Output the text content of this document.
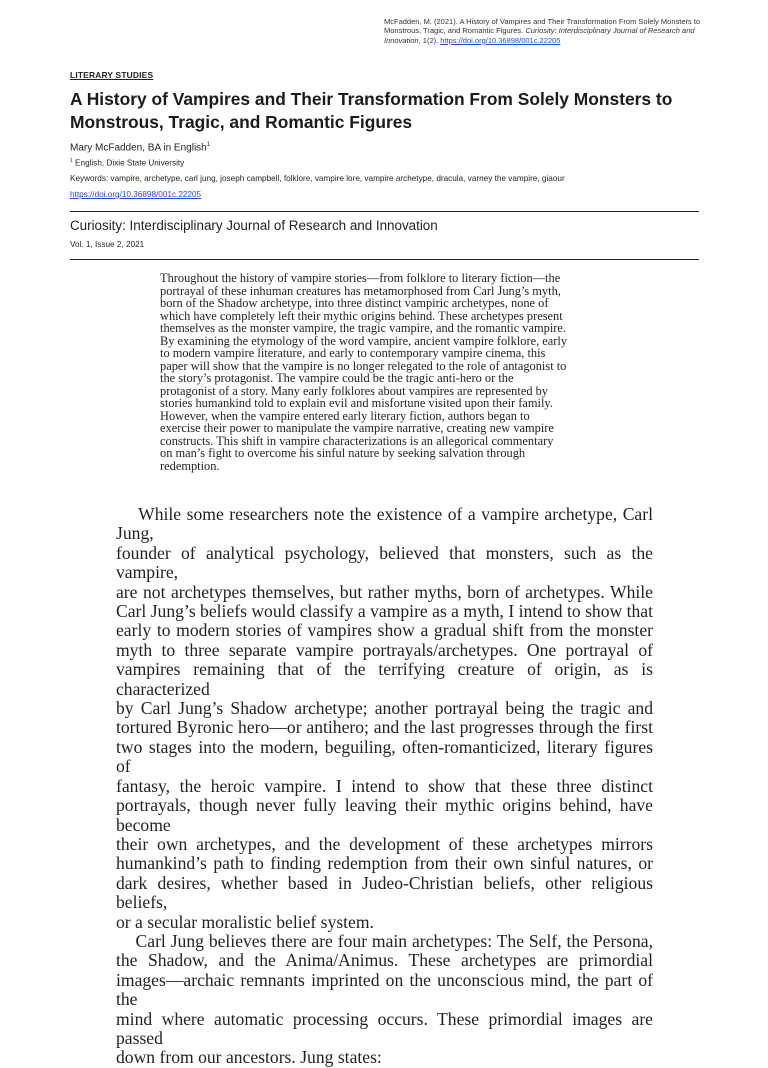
McFadden, M. (2021). A History of Vampires and Their Transformation From Solely Monsters to Monstrous, Tragic, and Romantic Figures. Curiosity: Interdisciplinary Journal of Research and Innovation, 1(2). https://doi.org/10.36898/001c.22205
LITERARY STUDIES
A History of Vampires and Their Transformation From Solely Monsters to Monstrous, Tragic, and Romantic Figures
Mary McFadden, BA in English$^1$
$^1$ English, Dixie State University
Keywords: vampire, archetype, carl jung, joseph campbell, folklore, vampire lore, vampire archetype, dracula, varney the vampire, giaour
https://doi.org/10.36898/001c.22205
Curiosity: Interdisciplinary Journal of Research and Innovation
Vol. 1, Issue 2, 2021
Throughout the history of vampire stories—from folklore to literary fiction—the
portrayal of these inhuman creatures has metamorphosed from Carl Jung’s myth,
born of the Shadow archetype, into three distinct vampiric archetypes, none of
which have completely left their mythic origins behind. These archetypes present
themselves as the monster vampire, the tragic vampire, and the romantic vampire.
By examining the etymology of the word vampire, ancient vampire folklore, early
to modern vampire literature, and early to contemporary vampire cinema, this
paper will show that the vampire is no longer relegated to the role of antagonist to
the story’s protagonist. The vampire could be the tragic anti-hero or the
protagonist of a story. Many early folklores about vampires are represented by
stories humankind told to explain evil and misfortune visited upon their family.
However, when the vampire entered early literary fiction, authors began to
exercise their power to manipulate the vampire narrative, creating new vampire
constructs. This shift in vampire characterizations is an allegorical commentary
on man’s fight to overcome his sinful nature by seeking salvation through
redemption.
While some researchers note the existence of a vampire archetype, Carl Jung,
founder of analytical psychology, believed that monsters, such as the vampire,
are not archetypes themselves, but rather myths, born of archetypes. While
Carl Jung’s beliefs would classify a vampire as a myth, I intend to show that
early to modern stories of vampires show a gradual shift from the monster
myth to three separate vampire portrayals/archetypes. One portrayal of
vampires remaining that of the terrifying creature of origin, as is characterized
by Carl Jung’s Shadow archetype; another portrayal being the tragic and
tortured Byronic hero—or antihero; and the last progresses through the first
two stages into the modern, beguiling, often-romanticized, literary figures of
fantasy, the heroic vampire. I intend to show that these three distinct
portrayals, though never fully leaving their mythic origins behind, have become
their own archetypes, and the development of these archetypes mirrors
humankind’s path to finding redemption from their own sinful natures, or
dark desires, whether based in Judeo-Christian beliefs, other religious beliefs,
or a secular moralistic belief system.
Carl Jung believes there are four main archetypes: The Self, the Persona,
the Shadow, and the Anima/Animus. These archetypes are primordial
images—archaic remnants imprinted on the unconscious mind, the part of the
mind where automatic processing occurs. These primordial images are passed
down from our ancestors. Jung states:
